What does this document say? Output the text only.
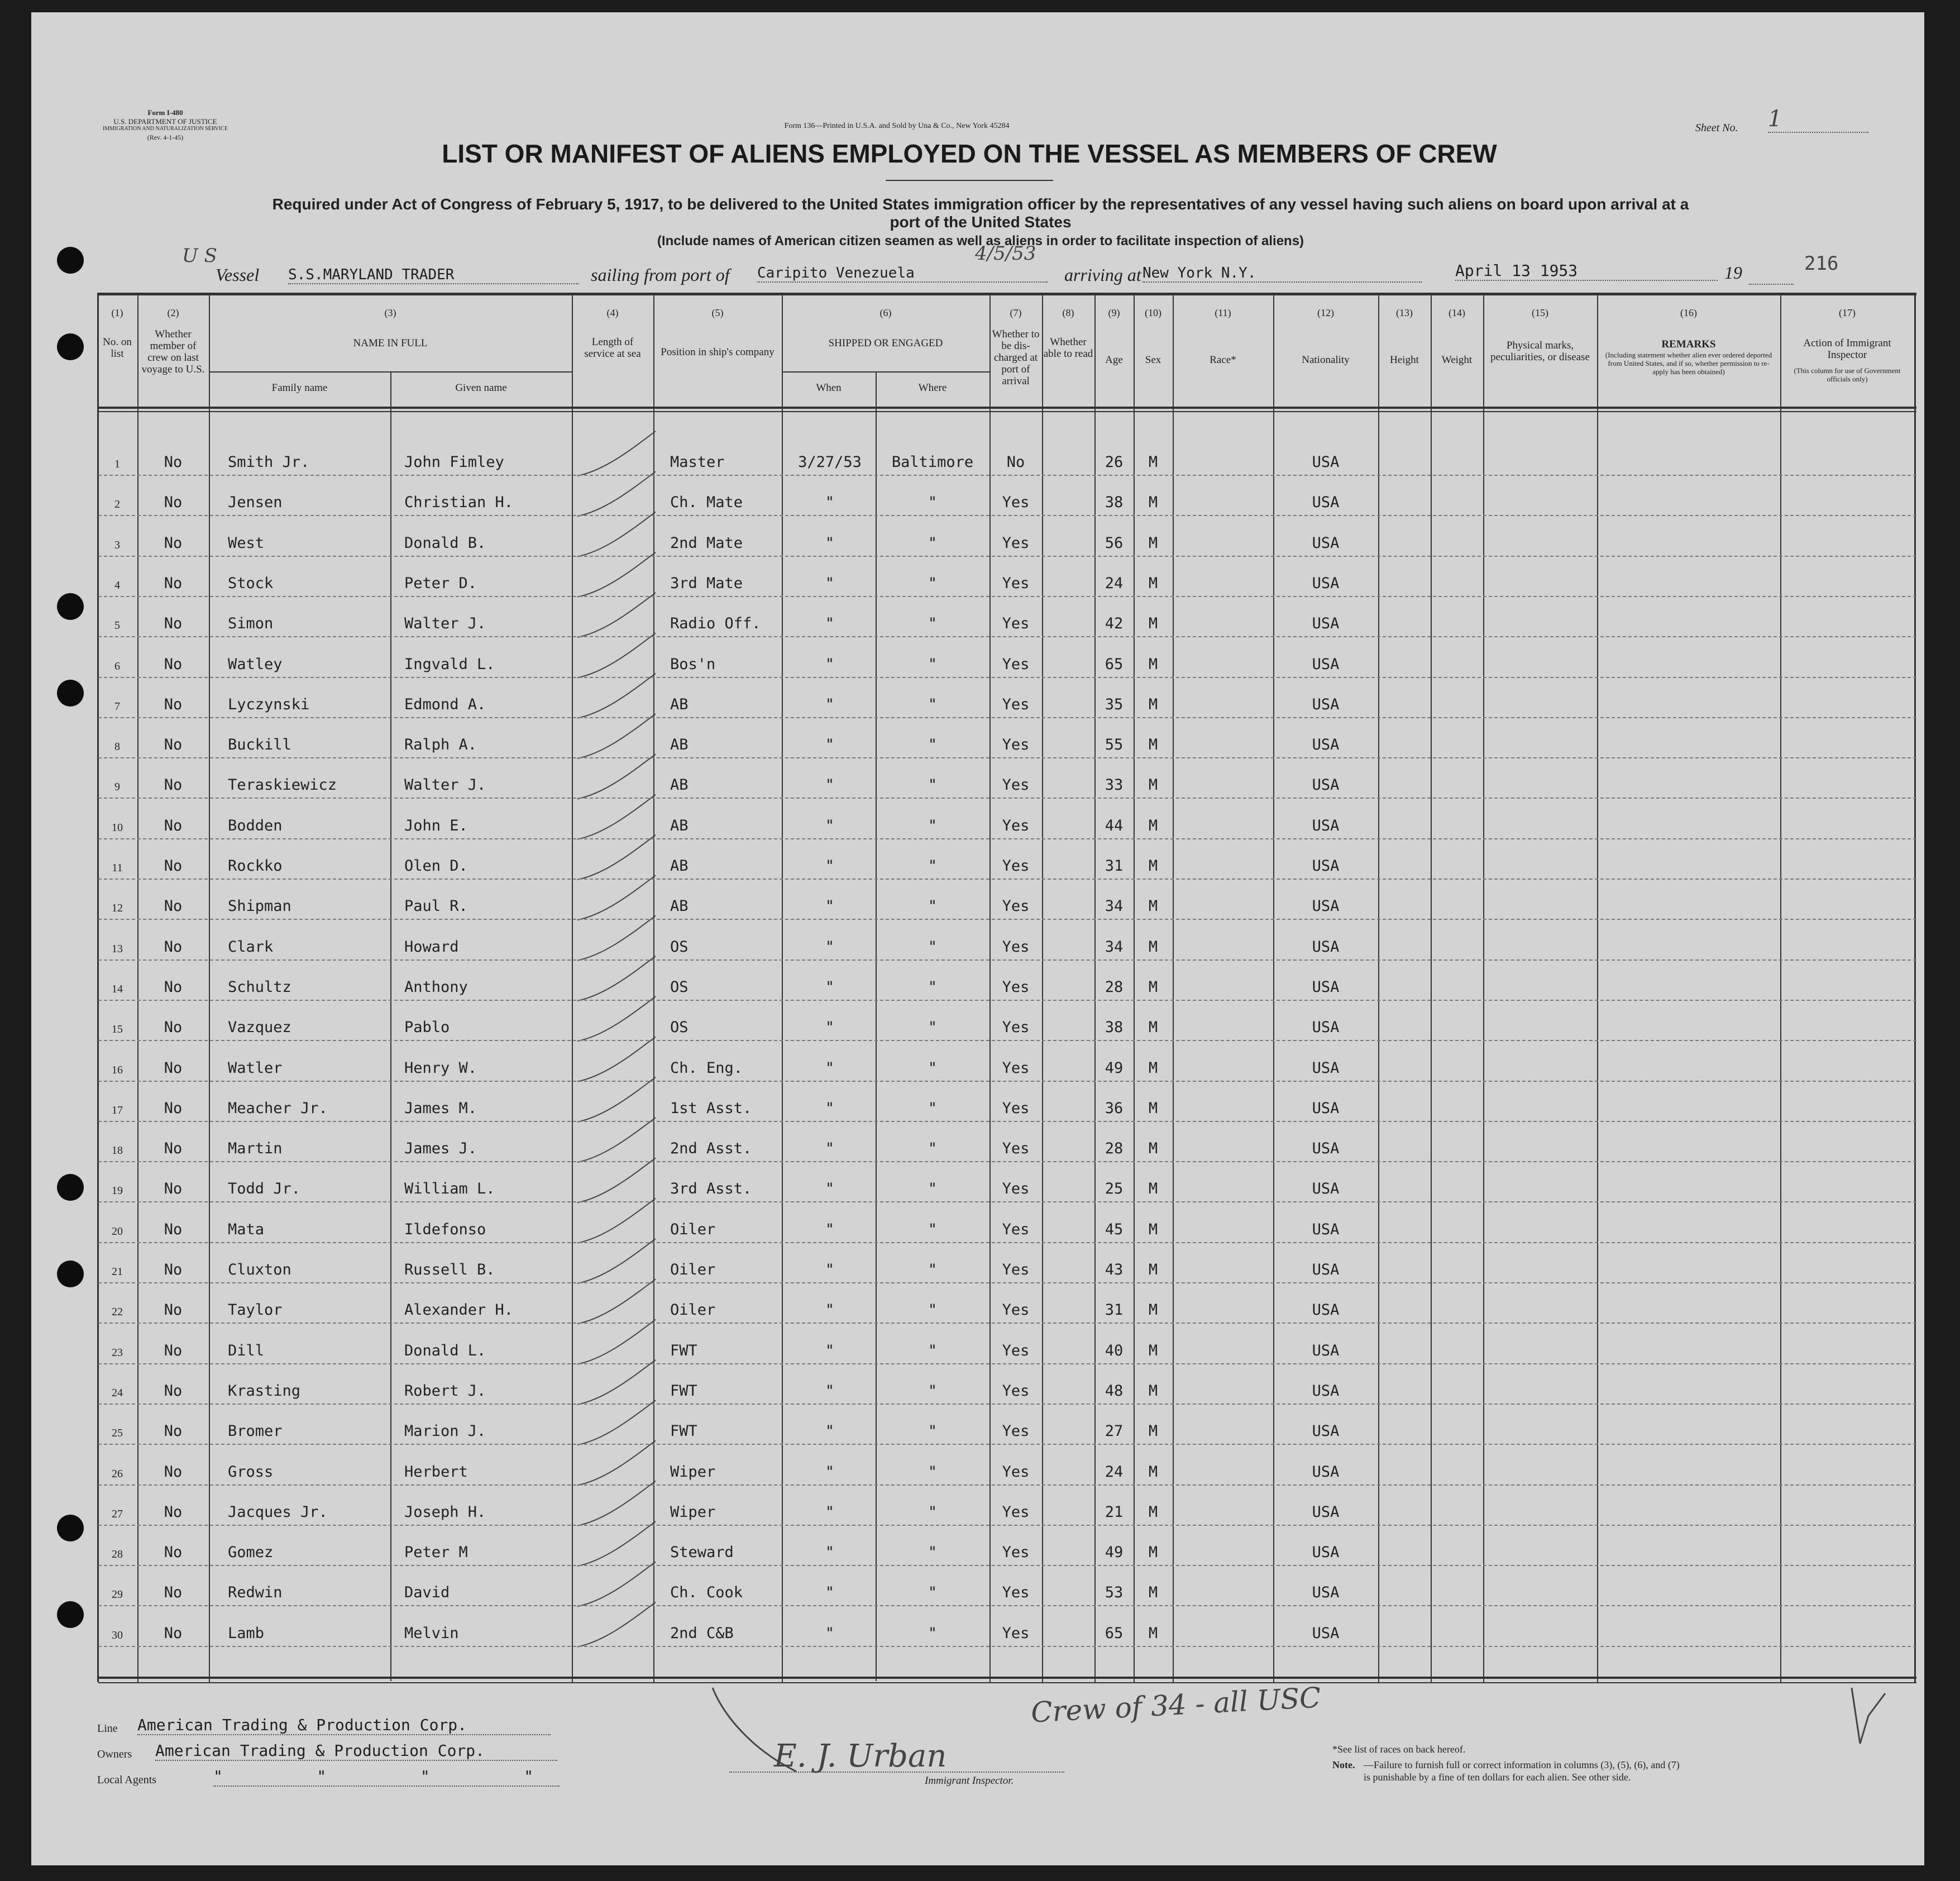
Form I-480
U.S. DEPARTMENT OF JUSTICE
IMMIGRATION AND NATURALIZATION SERVICE
(Rev. 4-1-45)
Form 136—Printed in U.S.A. and Sold by Una & Co., New York 45284	Sheet No. 1
LIST OR MANIFEST OF ALIENS EMPLOYED ON THE VESSEL AS MEMBERS OF CREW
Required under Act of Congress of February 5, 1917, to be delivered to the United States immigration officer by the representatives of any vessel having such aliens on board upon arrival at a
port of the United States
(Include names of American citizen seamen as well as aliens in order to facilitate inspection of aliens)
U S
Vessel S.S.MARYLAND TRADER	sailing from port of Caripito Venezuela
4/5/53
arriving at New York N.Y.	April 13 1953	19	216
(1)
No. on list
(2)
Whether member of crew on last voyage to U.S.
(3)
NAME IN FULL
Family name	Given name
(4)
Length of service at sea
(5)
Position in ship's company
(6)
SHIPPED OR ENGAGED
When	Where
(7)
Whether to be dis-charged at port of arrival
(8)
Whether able to read
(9)
Age
(10)
Sex
(11)
Race*
(12)
Nationality
(13)
Height
(14)
Weight
(15)
Physical marks, peculiarities, or disease
(16)
REMARKS
(Including statement whether alien ever ordered deported from United States, and if so, whether permission to re-apply has been obtained)
(17)
Action of Immigrant Inspector
(This column for use of Government officials only)
1	No	Smith Jr.	John Fimley	Master	3/27/53	Baltimore	No	26	M	USA
2	No	Jensen	Christian H.	Ch. Mate	"	"	Yes	38	M	USA
3	No	West	Donald B.	2nd Mate	"	"	Yes	56	M	USA
4	No	Stock	Peter D.	3rd Mate	"	"	Yes	24	M	USA
5	No	Simon	Walter J.	Radio Off.	"	"	Yes	42	M	USA
6	No	Watley	Ingvald L.	Bos'n	"	"	Yes	65	M	USA
7	No	Lyczynski	Edmond A.	AB	"	"	Yes	35	M	USA
8	No	Buckill	Ralph A.	AB	"	"	Yes	55	M	USA
9	No	Teraskiewicz	Walter J.	AB	"	"	Yes	33	M	USA
10	No	Bodden	John E.	AB	"	"	Yes	44	M	USA
11	No	Rockko	Olen D.	AB	"	"	Yes	31	M	USA
12	No	Shipman	Paul R.	AB	"	"	Yes	34	M	USA
13	No	Clark	Howard	OS	"	"	Yes	34	M	USA
14	No	Schultz	Anthony	OS	"	"	Yes	28	M	USA
15	No	Vazquez	Pablo	OS	"	"	Yes	38	M	USA
16	No	Watler	Henry W.	Ch. Eng.	"	"	Yes	49	M	USA
17	No	Meacher Jr.	James M.	1st Asst.	"	"	Yes	36	M	USA
18	No	Martin	James J.	2nd Asst.	"	"	Yes	28	M	USA
19	No	Todd Jr.	William L.	3rd Asst.	"	"	Yes	25	M	USA
20	No	Mata	Ildefonso	Oiler	"	"	Yes	45	M	USA
21	No	Cluxton	Russell B.	Oiler	"	"	Yes	43	M	USA
22	No	Taylor	Alexander H.	Oiler	"	"	Yes	31	M	USA
23	No	Dill	Donald L.	FWT	"	"	Yes	40	M	USA
24	No	Krasting	Robert J.	FWT	"	"	Yes	48	M	USA
25	No	Bromer	Marion J.	FWT	"	"	Yes	27	M	USA
26	No	Gross	Herbert	Wiper	"	"	Yes	24	M	USA
27	No	Jacques Jr.	Joseph H.	Wiper	"	"	Yes	21	M	USA
28	No	Gomez	Peter M	Steward	"	"	Yes	49	M	USA
29	No	Redwin	David	Ch. Cook	"	"	Yes	53	M	USA
30	No	Lamb	Melvin	2nd C&B	"	"	Yes	65	M	USA
Line American Trading & Production Corp.
Owners American Trading & Production Corp.
Local Agents	"          "          "          "
Crew of 34 - all USC
E. J. Urban
Immigrant Inspector.
*See list of races on back hereof.
Note. —Failure to furnish full or correct information in columns (3), (5), (6), and (7)
is punishable by a fine of ten dollars for each alien. See other side.
